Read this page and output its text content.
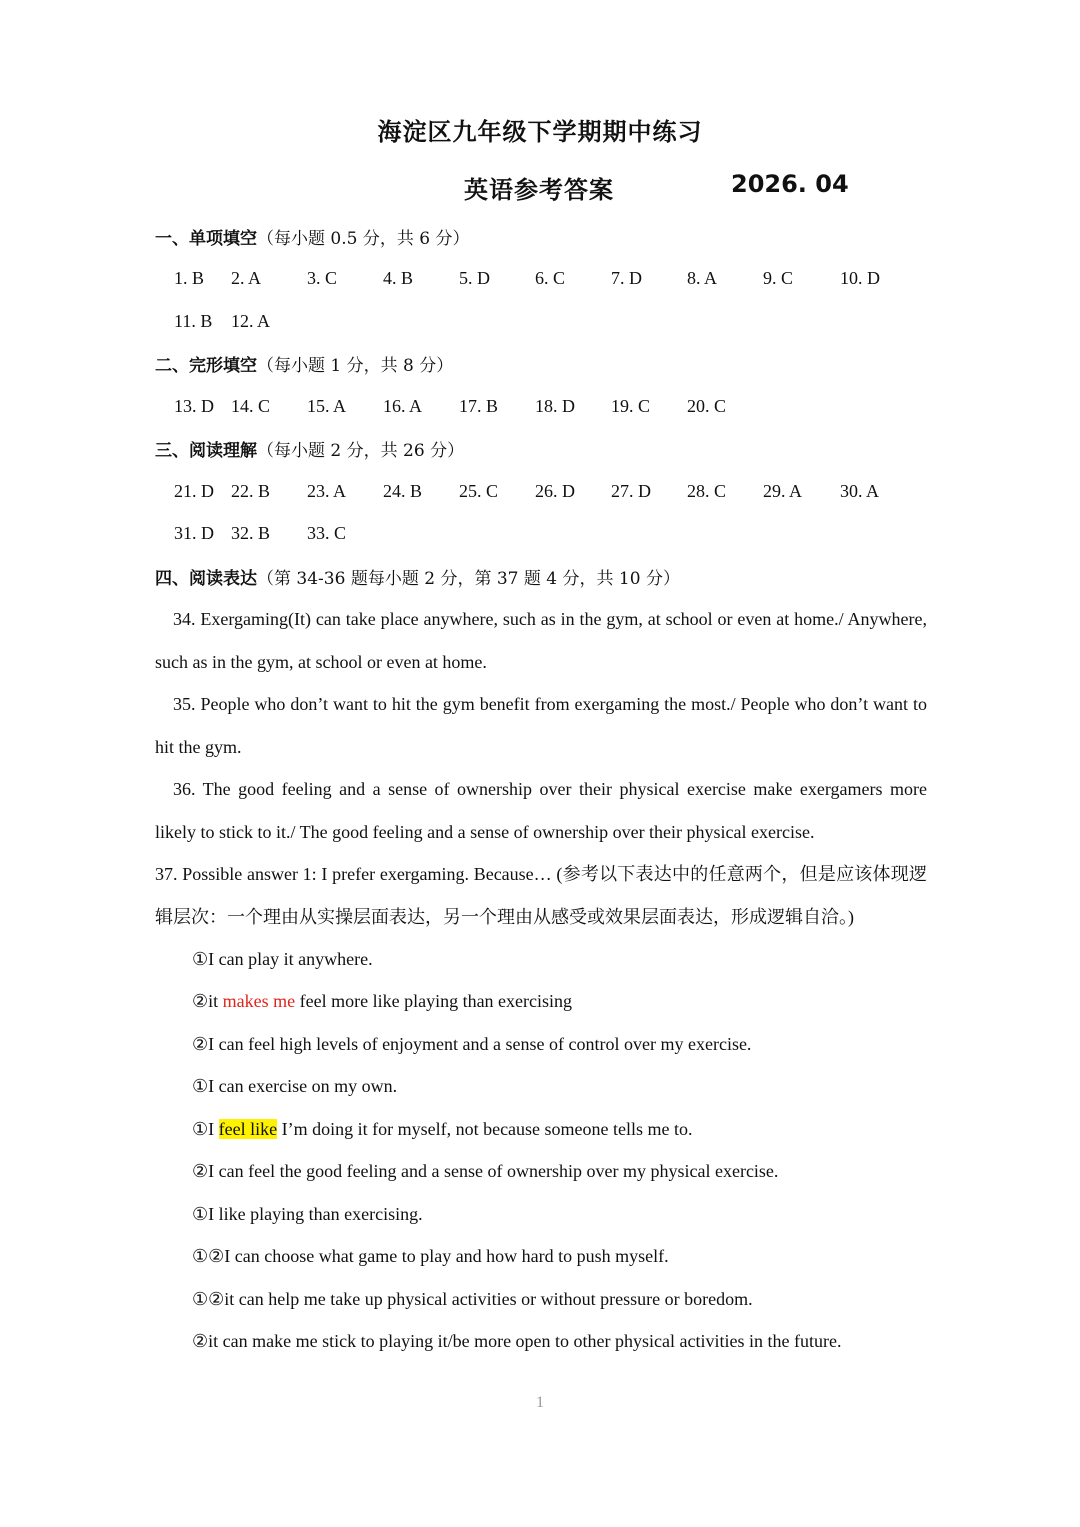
海淀区九年级下学期期中练习
英语参考答案	2026. 04
一、单项填空（每小题 0.5 分，共 6 分）
1. B 2. A	3. C	4. B	5. D	6. C	7. D	8. A	9. C	10. D
11. B 12. A
二、完形填空（每小题 1 分，共 8 分）
13. D 14. C 15. A 16. A 17. B 18. D 19. C 20. C
三、阅读理解（每小题 2 分，共 26 分）
21. D 22. B 23. A 24. B 25. C 26. D 27. D 28. C 29. A 30. A
31. D 32. B 33. C
四、阅读表达（第 34-36 题每小题 2 分，第 37 题 4 分，共 10 分）
34. Exergaming(It) can take place anywhere, such as in the gym, at school or even at home./ Anywhere, such as in the gym, at school or even at home.
35. People who don’t want to hit the gym benefit from exergaming the most./ People who don’t want to hit the gym.
36. The good feeling and a sense of ownership over their physical exercise make exergamers more likely to stick to it./ The good feeling and a sense of ownership over their physical exercise.
37. Possible answer 1: I prefer exergaming. Because… (参考以下表达中的任意两个，但是应该体现逻辑层次：一个理由从实操层面表达，另一个理由从感受或效果层面表达，形成逻辑自洽。)
①I can play it anywhere.
②it makes me feel more like playing than exercising
②I can feel high levels of enjoyment and a sense of control over my exercise.
①I can exercise on my own.
①I feel like I’m doing it for myself, not because someone tells me to.
②I can feel the good feeling and a sense of ownership over my physical exercise.
①I like playing than exercising.
①②I can choose what game to play and how hard to push myself.
①②it can help me take up physical activities or without pressure or boredom.
②it can make me stick to playing it/be more open to other physical activities in the future.
1
